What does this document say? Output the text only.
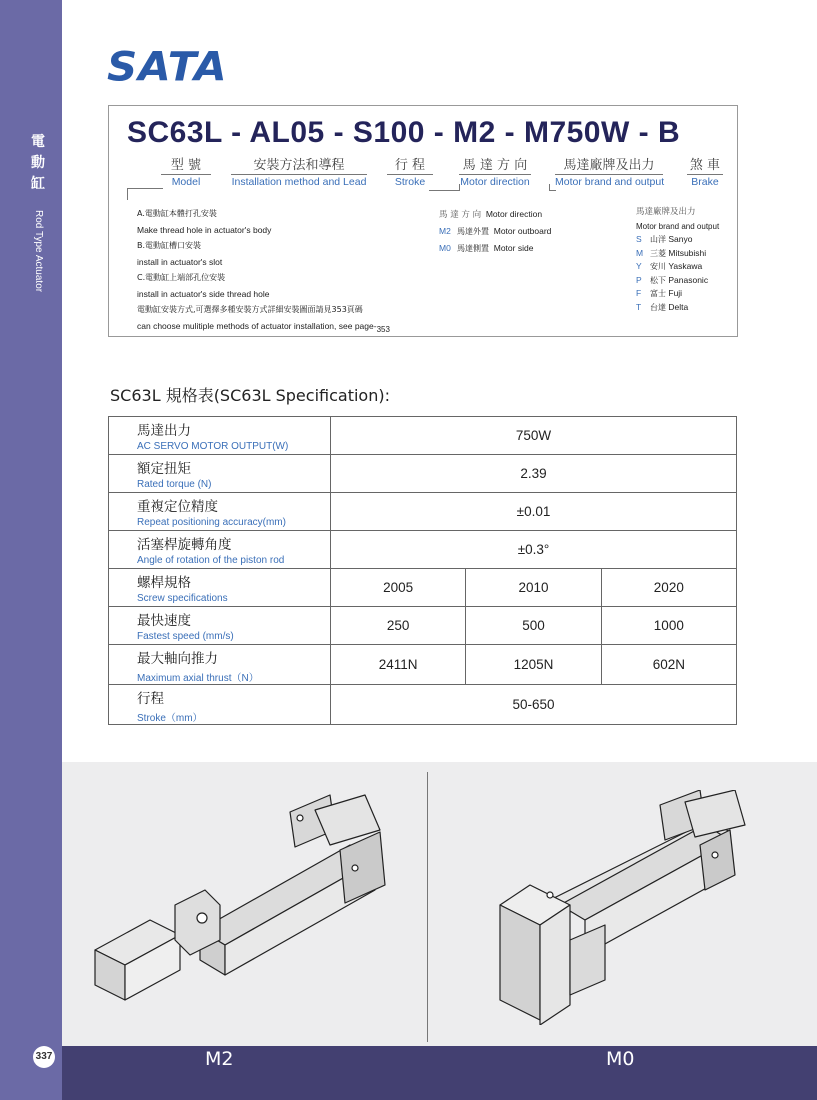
電
動
缸
Rod Type Actuator
337
SATA
SC63L - AL05 - S100 - M2 - M750W - B
型 號
Model
安裝方法和導程
Installation method and Lead
行 程
Stroke
馬 達 方 向
Motor direction
馬達廠牌及出力
Motor brand and output
煞 車
Brake
A.電動缸本體打孔安裝
Make thread hole in actuator's body
B.電動缸槽口安裝
install in actuator's slot
C.電動缸上端部孔位安裝
install in actuator's side thread hole
電動缸安裝方式,可選擇多種安裝方式詳細安裝圖面請見353頁碼
can choose mulitiple methods of actuator installation, see page-353
馬 達 方 向 Motor direction
M2 馬達外置 Motor outboard
M0 馬達側置 Motor side
馬達廠牌及出力
Motor brand and output
S 山洋 Sanyo
M 三菱 Mitsubishi
Y 安川 Yaskawa
P 松下 Panasonic
F 富士 Fuji
T 台達 Delta
SC63L 規格表(SC63L Specification):
馬達出力
AC SERVO MOTOR OUTPUT(W)	750W		

額定扭矩
Rated torque (N)	2.39		

重複定位精度
Repeat positioning accuracy(mm)	±0.01		

活塞桿旋轉角度
Angle of rotation of the piston rod	±0.3°		

螺桿規格
Screw specifications	2005	2010	2020

最快速度
Fastest speed (mm/s)	250	500	1000

最大軸向推力
Maximum axial thrust（N）	2411N	1205N	602N

行程
Stroke（mm）	50-650		
M2	M0
